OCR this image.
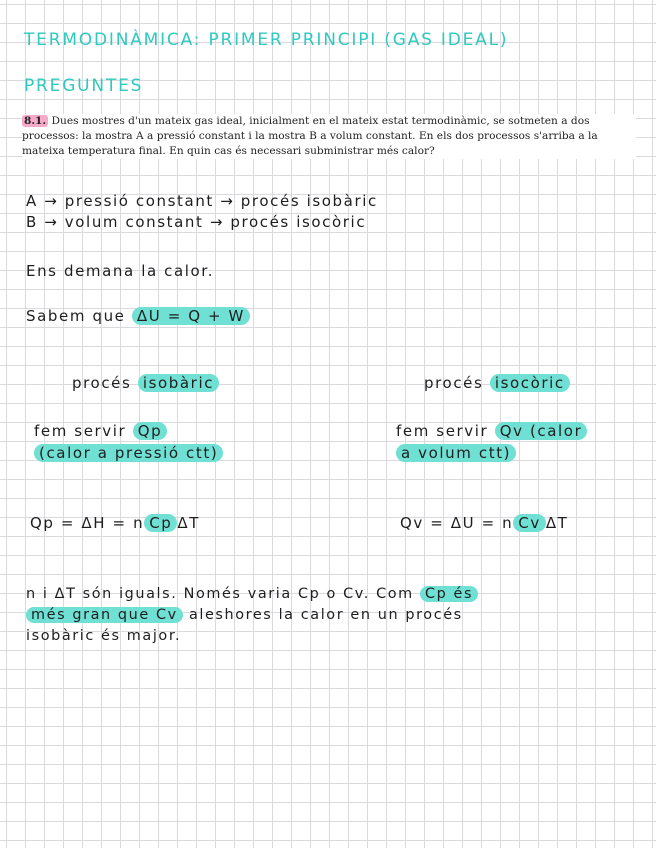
TERMODINÀMICA: PRIMER PRINCIPI (GAS IDEAL)
PREGUNTES
8.1. Dues mostres d'un mateix gas ideal, inicialment en el mateix estat termodinàmic, se sotmeten a dos
processos: la mostra A a pressió constant i la mostra B a volum constant. En els dos processos s'arriba a la
mateixa temperatura final. En quin cas és necessari subministrar més calor?
A → pressió constant → procés isobàric
B → volum constant → procés isocòric
Ens demana la calor.
Sabem que ΔU = Q + W
procés isobàric	procés isocòric
fem servir Qp
(calor a pressió ctt)
fem servir Qv (calor
a volum ctt)
Qp = ΔH = n Cp ΔT	Qv = ΔU = n Cv ΔT
n i ΔT són iguals. Només varia Cp o Cv. Com Cp és
més gran que Cv aleshores la calor en un procés
isobàric és major.
